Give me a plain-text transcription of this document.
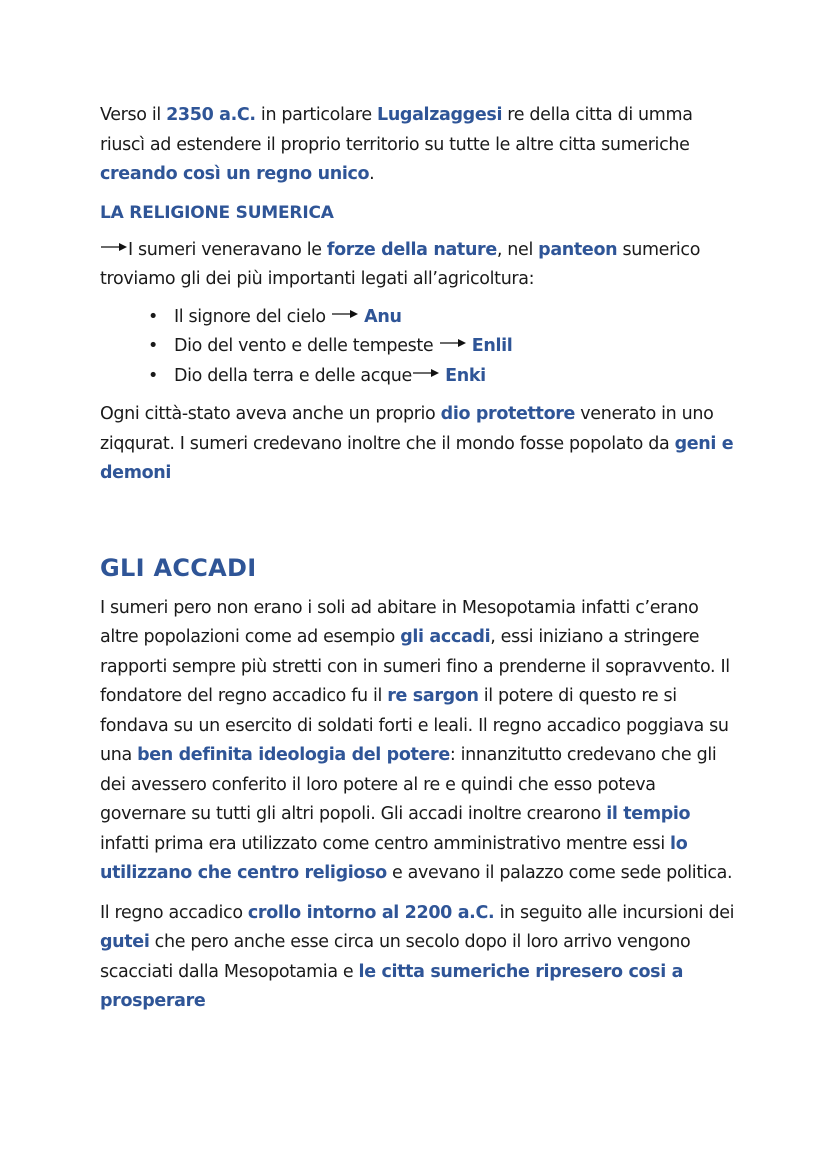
Verso il 2350 a.C. in particolare Lugalzaggesi re della citta di umma riuscì ad estendere il proprio territorio su tutte le altre citta sumeriche creando così un regno unico.

LA RELIGIONE SUMERICA

I sumeri veneravano le forze della nature, nel panteon sumerico troviamo gli dei più importanti legati all’agricoltura:

• Il signore del cielo Anu
• Dio del vento e delle tempeste Enlil
• Dio della terra e delle acque Enki

Ogni città-stato aveva anche un proprio dio protettore venerato in uno ziqqurat. I sumeri credevano inoltre che il mondo fosse popolato da geni e demoni

GLI ACCADI

I sumeri pero non erano i soli ad abitare in Mesopotamia infatti c’erano altre popolazioni come ad esempio gli accadi, essi iniziano a stringere rapporti sempre più stretti con in sumeri fino a prenderne il sopravvento. Il fondatore del regno accadico fu il re sargon il potere di questo re si fondava su un esercito di soldati forti e leali. Il regno accadico poggiava su una ben definita ideologia del potere: innanzitutto credevano che gli dei avessero conferito il loro potere al re e quindi che esso poteva governare su tutti gli altri popoli. Gli accadi inoltre crearono il tempio infatti prima era utilizzato come centro amministrativo mentre essi lo utilizzano che centro religioso e avevano il palazzo come sede politica.

Il regno accadico crollo intorno al 2200 a.C. in seguito alle incursioni dei gutei che pero anche esse circa un secolo dopo il loro arrivo vengono scacciati dalla Mesopotamia e le citta sumeriche ripresero cosi a prosperare
